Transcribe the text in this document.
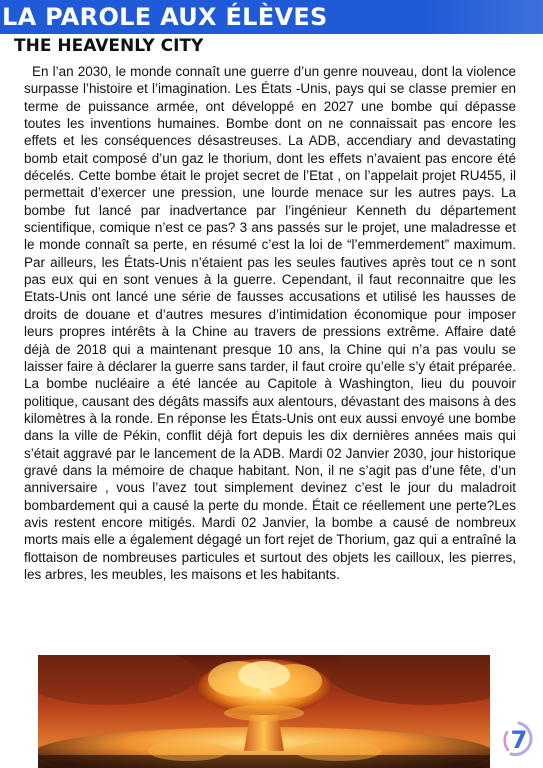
LA PAROLE AUX ÉLÈVES
THE HEAVENLY CITY

En l’an 2030, le monde connaît une guerre d’un genre nouveau, dont la violence surpasse l’histoire et l’imagination. Les États -Unis, pays qui se classe premier en terme de puissance armée, ont développé en 2027 une bombe qui dépasse toutes les inventions humaines. Bombe dont on ne connaissait pas encore les effets et les conséquences désastreuses. La ADB, accendiary and devastating bomb etait composé d’un gaz le thorium, dont les effets n’avaient pas encore été décelés. Cette bombe était le projet secret de l’Etat , on l’appelait projet RU455, il permettait d’exercer une pression, une lourde menace sur les autres pays. La bombe fut lancé par inadvertance par l’ingénieur Kenneth du département scientifique, comique n’est ce pas? 3 ans passés sur le projet, une maladresse et le monde connaît sa perte, en résumé c’est la loi de “l’emmerdement” maximum. Par ailleurs, les États-Unis n’étaient pas les seules fautives après tout ce n sont pas eux qui en sont venues à la guerre. Cependant, il faut reconnaitre que les Etats-Unis ont lancé une série de fausses accusations et utilisé les hausses de droits de douane et d’autres mesures d’intimidation économique pour imposer leurs propres intérêts à la Chine au travers de pressions extrême. Affaire daté déjà de 2018 qui a maintenant presque 10 ans, la Chine qui n’a pas voulu se laisser faire à déclarer la guerre sans tarder, il faut croire qu’elle s’y était préparée. La bombe nucléaire a été lancée au Capitole à Washington, lieu du pouvoir politique, causant des dégâts massifs aux alentours, dévastant des maisons à des kilomètres à la ronde. En réponse les États-Unis ont eux aussi envoyé une bombe dans la ville de Pékin, conflit déjà fort depuis les dix dernières années mais qui s’était aggravé par le lancement de la ADB. Mardi 02 Janvier 2030, jour historique gravé dans la mémoire de chaque habitant. Non, il ne s’agit pas d’une fête, d’un anniversaire , vous l’avez tout simplement devinez c’est le jour du maladroit bombardement qui a causé la perte du monde. Était ce réellement une perte?Les avis restent encore mitigés. Mardi 02 Janvier, la bombe a causé de nombreux morts mais elle a également dégagé un fort rejet de Thorium, gaz qui a entraîné la flottaison de nombreuses particules et surtout des objets les cailloux, les pierres, les arbres, les meubles, les maisons et les habitants.

7
